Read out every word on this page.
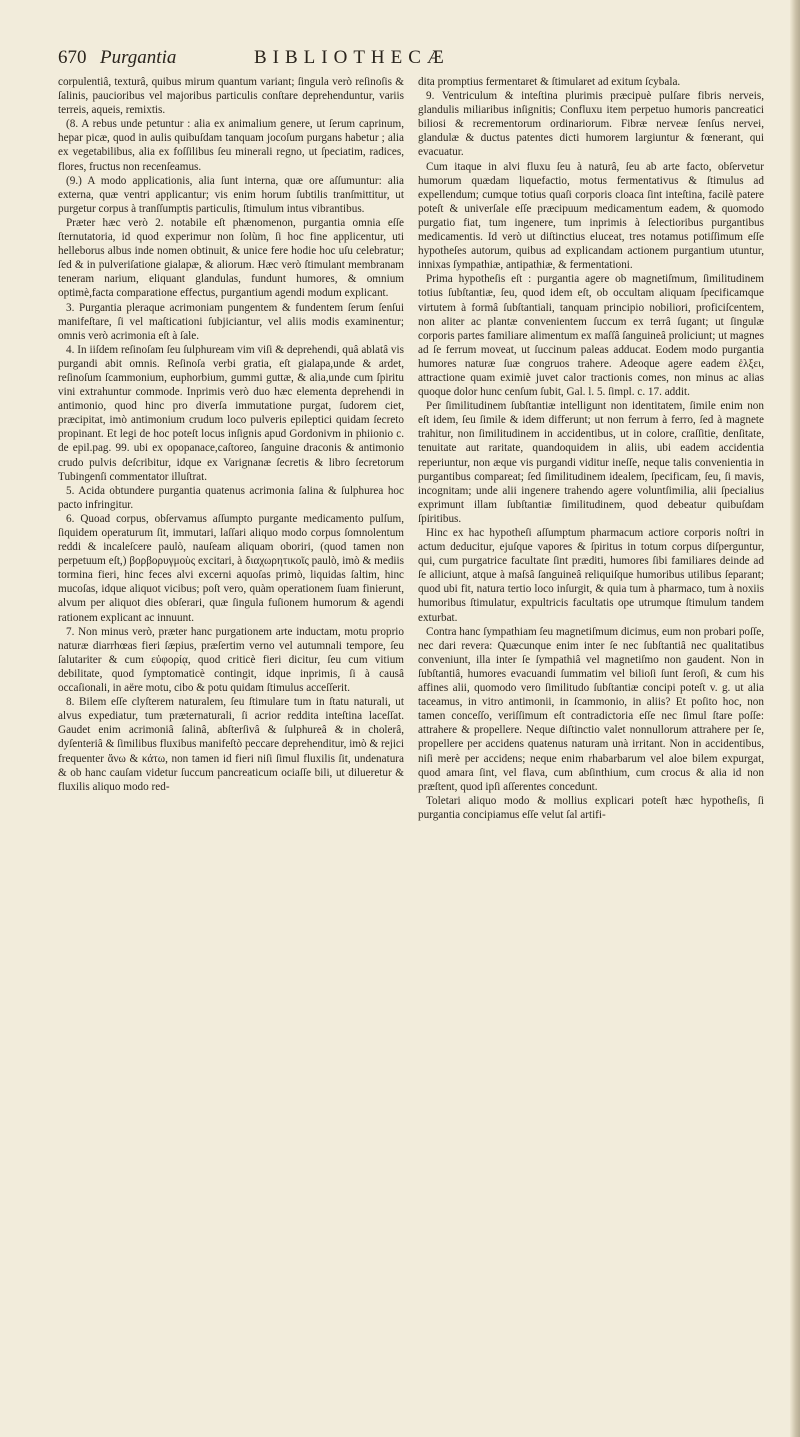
670 Purgantia	BIBLIOTHECÆ

corpulentiâ, texturâ, quibus mirum quantum variant; ſingula verò reſinoſis & ſalinis, paucioribus vel majoribus particulis conſtare deprehenduntur, variis terreis, aqueis, remixtis.

(8. A rebus unde petuntur : alia ex animalium genere, ut ſerum caprinum, hepar picæ, quod in aulis quibuſdam tanquam jocoſum purgans habetur ; alia ex vegetabilibus, alia ex foſſilibus ſeu minerali regno, ut ſpeciatim, radices, flores, fructus non recenſeamus.

(9.) A modo applicationis, alia ſunt interna, quæ ore aſſumuntur: alia externa, quæ ventri applicantur; vis enim horum ſubtilis tranſmittitur, ut purgetur corpus à tranſſumptis particulis, ſtimulum intus vibrantibus.

Præter hæc verò 2. notabile eſt phænomenon, purgantia omnia eſſe ſternutatoria, id quod experimur non ſolùm, ſi hoc fine applicentur, uti helleborus albus inde nomen obtinuit, & unice fere hodie hoc uſu celebratur; ſed & in pulveriſatione gialapæ, & aliorum. Hæc verò ſtimulant membranam teneram narium, eliquant glandulas, fundunt humores, & omnium optimè,facta comparatione effectus, purgantium agendi modum explicant.

3. Purgantia pleraque acrimoniam pungentem & fundentem ſerum ſenſui manifeſtare, ſi vel maſticationi ſubjiciantur, vel aliis modis examinentur; omnis verò acrimonia eſt à ſale.

4. In iiſdem reſinoſam ſeu ſulphuream vim viſi & deprehendi, quâ ablatâ vis purgandi abit omnis. Reſinoſa verbi gratia, eſt gialapa,unde & ardet, reſinoſum ſcammonium, euphorbium, gummi guttæ, & alia,unde cum ſpiritu vini extrahuntur commode. Inprimis verò duo hæc elementa deprehendi in antimonio, quod hinc pro diverſa immutatione purgat, ſudorem ciet, præcipitat, imò antimonium crudum loco pulveris epileptici quidam ſecreto propinant. Et legi de hoc poteſt locus inſignis apud Gordonivm in phiionio c. de epil.pag. 99. ubi ex opopanace,caſtoreo, ſanguine draconis & antimonio crudo pulvis deſcribitur, idque ex Varignanæ ſecretis & libro ſecretorum Tubingenſi commentator illuſtrat.

5. Acida obtundere purgantia quatenus acrimonia ſalina & ſulphurea hoc pacto infringitur.

6. Quoad corpus, obſervamus aſſumpto purgante medicamento pulſum, ſiquidem operaturum ſit, immutari, laſſari aliquo modo corpus ſomnolentum reddi & incaleſcere paulò, nauſeam aliquam oboriri, (quod tamen non perpetuum eſt,) βορβορυγμοὺς excitari, à διαχωρητικοῖς paulò, imò & mediis tormina fieri, hinc feces alvi excerni aquoſas primò, liquidas ſaltim, hinc mucoſas, idque aliquot vicibus; poſt vero, quàm operationem ſuam finierunt, alvum per aliquot dies obſerari, quæ ſingula fuſionem humorum & agendi rationem explicant ac innuunt.

7. Non minus verò, præter hanc purgationem arte inductam, motu proprio naturæ diarrhœas fieri ſæpius, præſertim verno vel autumnali tempore, ſeu ſalutariter & cum εὐφορίᾳ, quod criticè fieri dicitur, ſeu cum vitium debilitate, quod ſymptomaticè contingit, idque inprimis, ſi à causâ occaſionali, in aëre motu, cibo & potu quidam ſtimulus acceſſerit.

8. Bilem eſſe clyſterem naturalem, ſeu ſtimulare tum in ſtatu naturali, ut alvus expediatur, tum præternaturali, ſi acrior reddita inteſtina laceſſat. Gaudet enim acrimoniâ ſalinâ, abſterſivâ & ſulphureâ & in cholerâ, dyſenteriâ & ſimilibus fluxibus manifeſtò peccare deprehenditur, imò & rejici frequenter ἄνω & κάτω, non tamen id fieri niſi ſimul fluxilis ſit, undenatura & ob hanc cauſam videtur ſuccum pancreaticum ociaſſe bili, ut dilueretur & fluxilis aliquo modo red-

dita promptius fermentaret & ſtimularet ad exitum ſcybala.

9. Ventriculum & inteſtina plurimis præcipuè pulſare fibris nerveis, glandulis miliaribus inſignitis; Confluxu item perpetuo humoris pancreatici biliosi & recrementorum ordinariorum. Fibræ nerveæ ſenſus nervei, glandulæ & ductus patentes dicti humorem largiuntur & fœnerant, qui evacuatur.

Cum itaque in alvi fluxu ſeu à naturâ, ſeu ab arte facto, obſervetur humorum quædam liquefactio, motus fermentativus & ſtimulus ad expellendum; cumque totius quaſi corporis cloaca ſint inteſtina, facilè patere poteſt & univerſale eſſe præcipuum medicamentum eadem, & quomodo purgatio fiat, tum ingenere, tum inprimis à ſelectioribus purgantibus medicamentis. Id verò ut diſtinctius eluceat, tres notamus potiſſimum eſſe hypotheſes autorum, quibus ad explicandam actionem purgantium utuntur, innixas ſympathiæ, antipathiæ, & fermentationi.

Prima hypotheſis eſt : purgantia agere ob magnetiſmum, ſimilitudinem totius ſubſtantiæ, ſeu, quod idem eſt, ob occultam aliquam ſpecificamque virtutem à formâ ſubſtantiali, tanquam principio nobiliori, proficiſcentem, non aliter ac plantæ convenientem ſuccum ex terrâ ſugant; ut ſingulæ corporis partes familiare alimentum ex maſſâ ſanguineâ proliciunt; ut magnes ad ſe ferrum moveat, ut ſuccinum paleas adducat. Eodem modo purgantia humores naturæ ſuæ congruos trahere. Adeoque agere eadem ἑλξει, attractione quam eximiè juvet calor tractionis comes, non minus ac alias quoque dolor hunc cenſum ſubit, Gal. l. 5. ſimpl. c. 17. addit.

Per ſimilitudinem ſubſtantiæ intelligunt non identitatem, ſimile enim non eſt idem, ſeu ſimile & idem differunt; ut non ferrum à ferro, ſed à magnete trahitur, non ſimilitudinem in accidentibus, ut in colore, craſſitie, denſitate, tenuitate aut raritate, quandoquidem in aliis, ubi eadem accidentia reperiuntur, non æque vis purgandi viditur ineſſe, neque talis convenientia in purgantibus compareat; ſed ſimilitudinem idealem, ſpecificam, ſeu, ſi mavis, incognitam; unde alii ingenere trahendo agere voluntſimilia, alii ſpecialius exprimunt illam ſubſtantiæ ſimilitudinem, quod debeatur quibuſdam ſpiritibus.

Hinc ex hac hypotheſi aſſumptum pharmacum actiore corporis noſtri in actum deducitur, ejuſque vapores & ſpiritus in totum corpus diſperguntur, qui, cum purgatrice facultate ſint præditi, humores ſibi familiares deinde ad ſe alliciunt, atque à maſsâ ſanguineâ reliquiſque humoribus utilibus ſeparant; quod ubi fit, natura tertio loco inſurgit, & quia tum à pharmaco, tum à noxiis humoribus ſtimulatur, expultricis facultatis ope utrumque ſtimulum tandem exturbat.

Contra hanc ſympathiam ſeu magnetiſmum dicimus, eum non probari poſſe, nec dari revera: Quæcunque enim inter ſe nec ſubſtantiâ nec qualitatibus conveniunt, illa inter ſe ſympathiâ vel magnetiſmo non gaudent. Non in ſubſtantiâ, humores evacuandi ſummatim vel bilioſi ſunt ſeroſi, & cum his affines alii, quomodo vero ſimilitudo ſubſtantiæ concipi poteſt v. g. ut alia taceamus, in vitro antimonii, in ſcammonio, in aliis? Et poſito hoc, non tamen conceſſo, veriſſimum eſt contradictoria eſſe nec ſimul ſtare poſſe: attrahere & propellere. Neque diſtinctio valet nonnullorum attrahere per ſe, propellere per accidens quatenus naturam unà irritant. Non in accidentibus, niſi merè per accidens; neque enim rhabarbarum vel aloe bilem expurgat, quod amara ſint, vel flava, cum abſinthium, cum crocus & alia id non præſtent, quod ipſi aſſerentes concedunt.

Toletari aliquo modo & mollius explicari poteſt hæc hypotheſis, ſi purgantia concipiamus eſſe velut ſal artifi-
